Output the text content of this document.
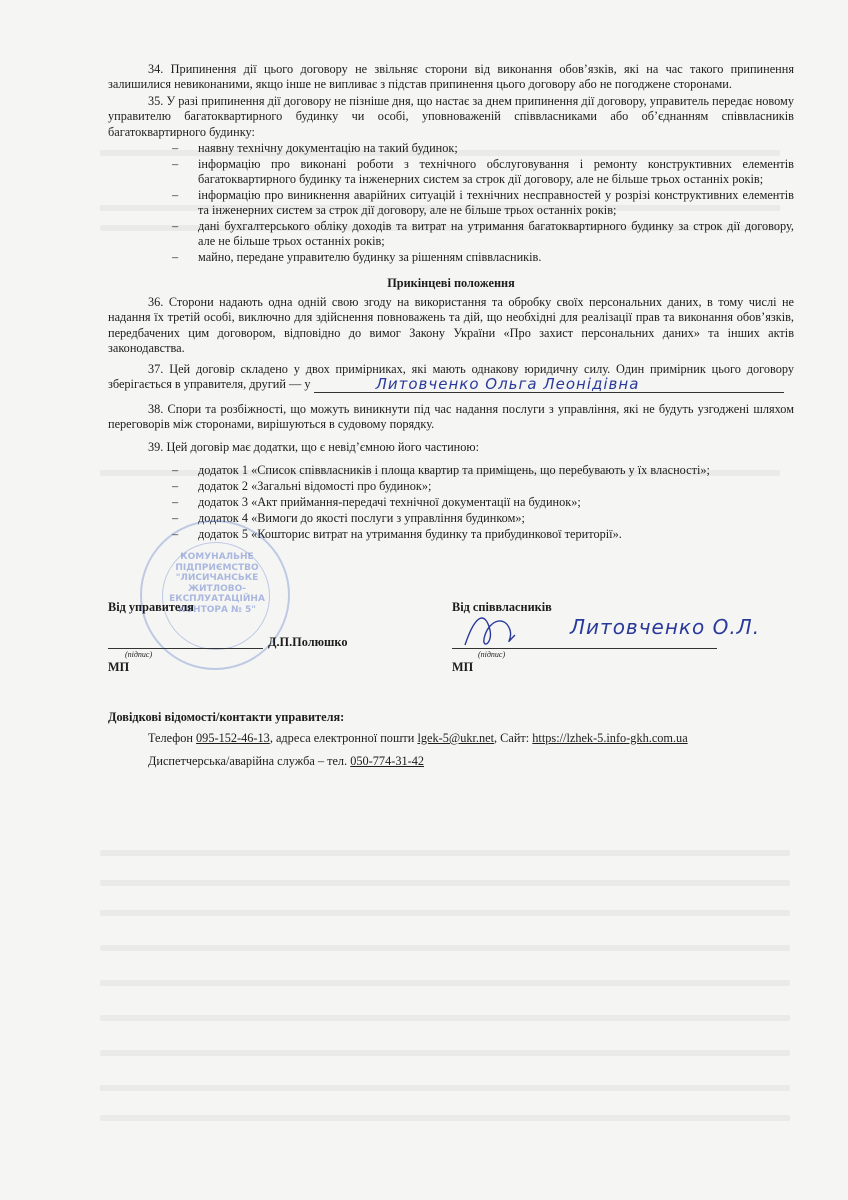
34. Припинення дії цього договору не звільняє сторони від виконання обов’язків, які на час такого припинення залишилися невиконаними, якщо інше не випливає з підстав припинення цього договору або не погоджене сторонами.
35. У разі припинення дії договору не пізніше дня, що настає за днем припинення дії договору, управитель передає новому управителю багатоквартирного будинку чи особі, уповноваженій співвласниками або об’єднанням співвласників багатоквартирного будинку:
– наявну технічну документацію на такий будинок;
– інформацію про виконані роботи з технічного обслуговування і ремонту конструктивних елементів багатоквартирного будинку та інженерних систем за строк дії договору, але не більше трьох останніх років;
– інформацію про виникнення аварійних ситуацій і технічних несправностей у розрізі конструктивних елементів та інженерних систем за строк дії договору, але не більше трьох останніх років;
– дані бухгалтерського обліку доходів та витрат на утримання багатоквартирного будинку за строк дії договору, але не більше трьох останніх років;
– майно, передане управителю будинку за рішенням співвласників.
Прикінцеві положення
36. Сторони надають одна одній свою згоду на використання та обробку своїх персональних даних, в тому числі не надання їх третій особі, виключно для здійснення повноважень та дій, що необхідні для реалізації прав та виконання обов’язків, передбачених цим договором, відповідно до вимог Закону України «Про захист персональних даних» та інших актів законодавства.
37. Цей договір складено у двох примірниках, які мають однакову юридичну силу. Один примірник цього договору зберігається в управителя, другий — у	Литовченко Ольга Леонідівна
38. Спори та розбіжності, що можуть виникнути під час надання послуги з управління, які не будуть узгоджені шляхом переговорів між сторонами, вирішуються в судовому порядку.
39. Цей договір має додатки, що є невід’ємною його частиною:
– додаток 1 «Список співвласників і площа квартир та приміщень, що перебувають у їх власності»;
– додаток 2 «Загальні відомості про будинок»;
– додаток 3 «Акт приймання-передачі технічної документації на будинок»;
– додаток 4 «Вимоги до якості послуги з управління будинком»;
– додаток 5 «Кошторис витрат на утримання будинку та прибудинкової території».
КОМУНАЛЬНЕ
ПІДПРИЄМСТВО
"ЛИСИЧАНСЬКЕ
ЖИТЛОВО-
ЕКСПЛУАТАЦІЙНА
КОНТОРА № 5"
Від управителя	Від співвласників
Д.П.Полюшко
(підпис)
МП
Литовченко О.Л.
(підпис)
МП
Довідкові відомості/контакти управителя:
Телефон 095-152-46-13, адреса електронної пошти lgek-5@ukr.net, Сайт: https://lzhek-5.info-gkh.com.ua
Диспетчерська/аварійна служба – тел. 050-774-31-42
